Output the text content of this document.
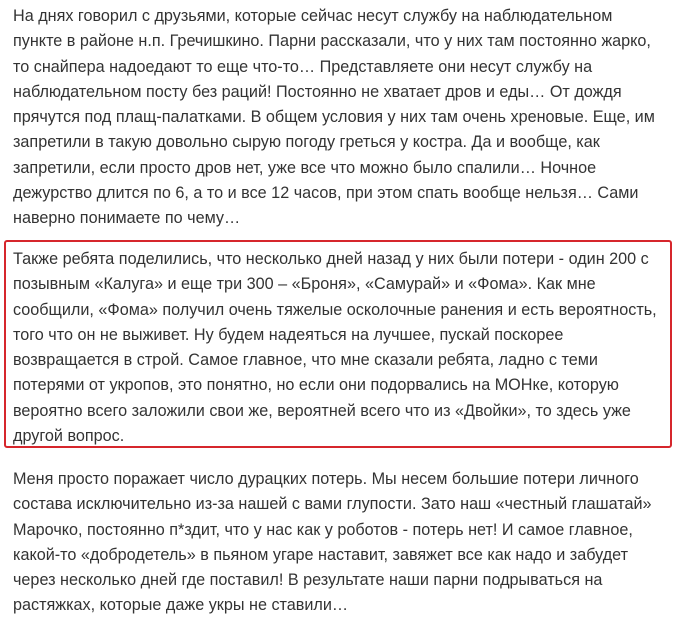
На днях говорил с друзьями, которые сейчас несут службу на наблюдательном
пункте в районе н.п. Гречишкино. Парни рассказали, что у них там постоянно жарко,
то снайпера надоедают то еще что-то… Представляете они несут службу на
наблюдательном посту без раций! Постоянно не хватает дров и еды… От дождя
прячутся под плащ-палатками. В общем условия у них там очень хреновые. Еще, им
запретили в такую довольно сырую погоду греться у костра. Да и вообще, как
запретили, если просто дров нет, уже все что можно было спалили… Ночное
дежурство длится по 6, а то и все 12 часов, при этом спать вообще нельзя… Сами
наверно понимаете по чему…
Также ребята поделились, что несколько дней назад у них были потери - один 200 с
позывным «Калуга» и еще три 300 – «Броня», «Самурай» и «Фома». Как мне
сообщили, «Фома» получил очень тяжелые осколочные ранения и есть вероятность,
того что он не выживет. Ну будем надеяться на лучшее, пускай поскорее
возвращается в строй. Самое главное, что мне сказали ребята, ладно с теми
потерями от укропов, это понятно, но если они подорвались на МОНке, которую
вероятно всего заложили свои же, вероятней всего что из «Двойки», то здесь уже
другой вопрос.
Меня просто поражает число дурацких потерь. Мы несем большие потери личного
состава исключительно из-за нашей с вами глупости. Зато наш «честный глашатай»
Марочко, постоянно п*здит, что у нас как у роботов - потерь нет! И самое главное,
какой-то «добродетель» в пьяном угаре наставит, завяжет все как надо и забудет
через несколько дней где поставил! В результате наши парни подрываться на
растяжках, которые даже укры не ставили…
